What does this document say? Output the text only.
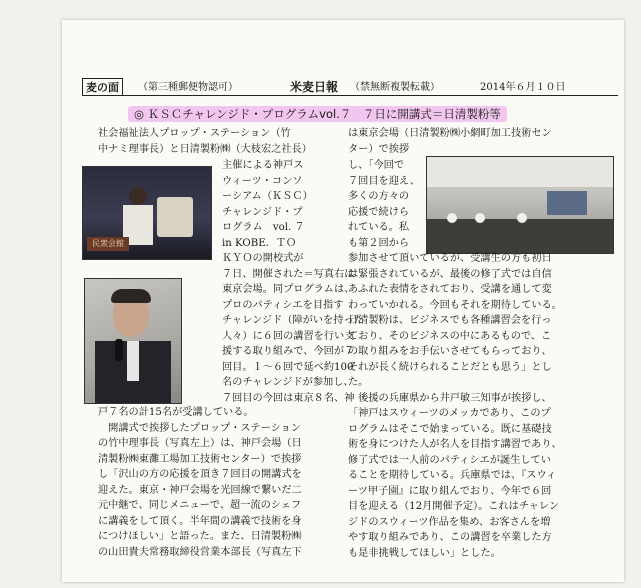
麦の面	（第三種郵便物認可）	米麦日報 （禁無断複製転載）	2014年６月１０日
◎ ＫＳＣチャレンジド・プログラムvol.７　７日に開講式＝日清製粉等
社会福祉法人プロップ・ステーション（竹
中ナミ理事長）と日清製粉㈱（大枝宏之社長）
民衆会館
主催による神戸ス
ウィーツ・コンソ
ーシアム（ＫＳＣ）
チャレンジド・プ
ログラム　vol. ７
in KOBE．ＴＯ
ＫＹＯの開校式が
７日、開催された＝写真右は
東京会場。同プログラムは、
プロのパティシエを目指す
チャレンジド（障がいを持った
人々）に６回の講習を行い支
援する取り組みで、今回が７
回目。１～６回で延べ約100
名のチャレンジドが参加し、
７回目の今回は東京８名、神
戸７名の計15名が受講している。
　開講式で挨拶したプロップ・ステーション
の竹中理事長（写真左上）は、神戸会場（日
清製粉㈱東灘工場加工技術センター）で挨拶
し「沢山の方の応援を頂き７回目の開講式を
迎えた。東京・神戸会場を光回線で繋いだ二
元中継で、同じメニューで、超一流のシェフ
に講義をして頂く。半年間の講義で技術を身
につけほしい」と語った。また、日清製粉㈱
の山田貴夫常務取締役営業本部長（写真左下
は東京会場（日清製粉㈱小網町加工技術セン
ター）で挨拶
し、「今回で
７回目を迎え、
多くの方々の
応援で続けら
れている。私
も第２回から
参加させて頂いているが、受講生の方も初日
は緊張されているが、最後の修了式では自信
あふれた表情をされており、受講を通して変
わっていかれる。今回もそれを期待している。
日清製粉は、ビジネスでも各種講習会を行っ
ており、そのビジネスの中にあるもので、こ
の取り組みをお手伝いさせてもらっており、
それが長く続けられることだとも思う」とし
た。
　後援の兵庫県から井戸敏三知事が挨拶し、
「神戸はスウィーツのメッカであり、このプ
ログラムはそこで始まっている。既に基礎技
術を身につけた人が名人を目指す講習であり、
修了式では一人前のパティシエが誕生してい
ることを期待している。兵庫県では、『スウィ
ーツ甲子園』に取り組んでおり、今年で６回
目を迎える（12月開催予定）。これはチャレン
ジドのスウィーツ作品を集め、お客さんを増
やす取り組みであり、この講習を卒業した方
も是非挑戦してほしい」とした。
